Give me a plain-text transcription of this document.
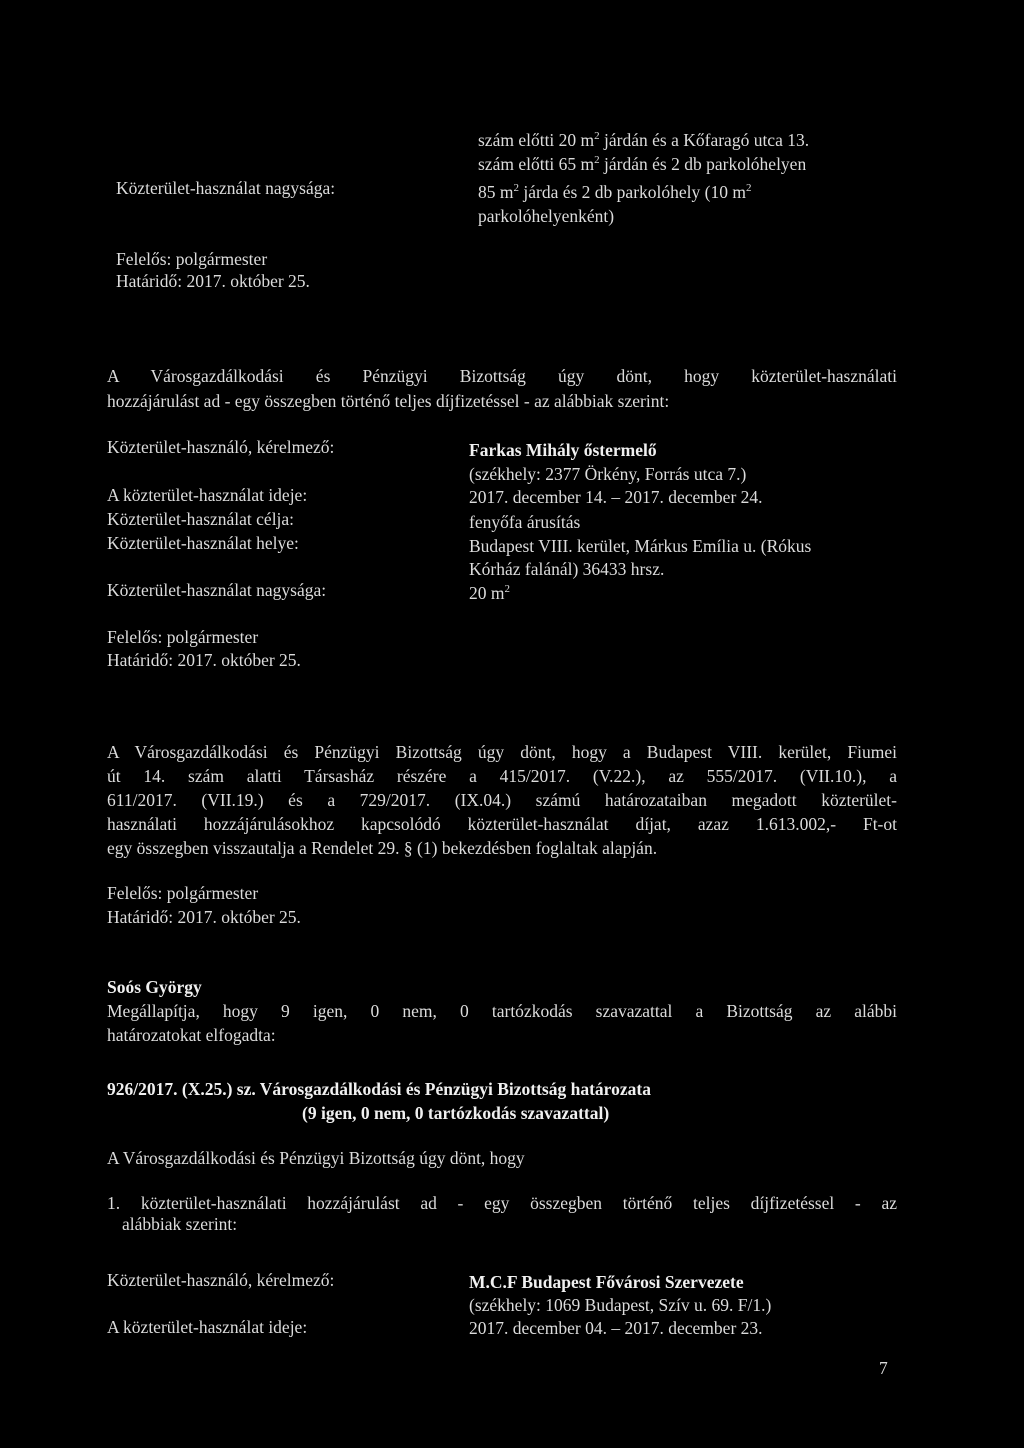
szám előtti 20 $m^2$ járdán és a Kőfaragó utca 13.
szám előtti 65 $m^2$ járdán és 2 db parkolóhelyen
Közterület-használat nagysága:	85 $m^2$ járda és 2 db parkolóhely (10 $m^2$
parkolóhelyenként)
Felelős: polgármester
Határidő: 2017. október 25.
A Városgazdálkodási és Pénzügyi Bizottság úgy dönt, hogy közterület-használati
hozzájárulást ad - egy összegben történő teljes díjfizetéssel - az alábbiak szerint:
Közterület-használó, kérelmező:	Farkas Mihály őstermelő
(székhely: 2377 Örkény, Forrás utca 7.)
A közterület-használat ideje:	2017. december 14. – 2017. december 24.
Közterület-használat célja:	fenyőfa árusítás
Közterület-használat helye:	Budapest VIII. kerület, Márkus Emília u. (Rókus
Kórház falánál) 36433 hrsz.
Közterület-használat nagysága:	20 $m^2$
Felelős: polgármester
Határidő: 2017. október 25.
A Városgazdálkodási és Pénzügyi Bizottság úgy dönt, hogy a Budapest VIII. kerület, Fiumei
út 14. szám alatti Társasház részére a 415/2017. (V.22.), az 555/2017. (VII.10.), a
611/2017. (VII.19.) és a 729/2017. (IX.04.) számú határozataiban megadott közterület-
használati hozzájárulásokhoz kapcsolódó közterület-használat díjat, azaz 1.613.002,- Ft-ot
egy összegben visszautalja a Rendelet 29. § (1) bekezdésben foglaltak alapján.
Felelős: polgármester
Határidő: 2017. október 25.
Soós György
Megállapítja, hogy 9 igen, 0 nem, 0 tartózkodás szavazattal a Bizottság az alábbi
határozatokat elfogadta:
926/2017. (X.25.) sz. Városgazdálkodási és Pénzügyi Bizottság határozata
(9 igen, 0 nem, 0 tartózkodás szavazattal)
A Városgazdálkodási és Pénzügyi Bizottság úgy dönt, hogy
1. közterület-használati hozzájárulást ad - egy összegben történő teljes díjfizetéssel - az
alábbiak szerint:
Közterület-használó, kérelmező:	M.C.F Budapest Fővárosi Szervezete
(székhely: 1069 Budapest, Szív u. 69. F/1.)
A közterület-használat ideje:	2017. december 04. – 2017. december 23.
7
